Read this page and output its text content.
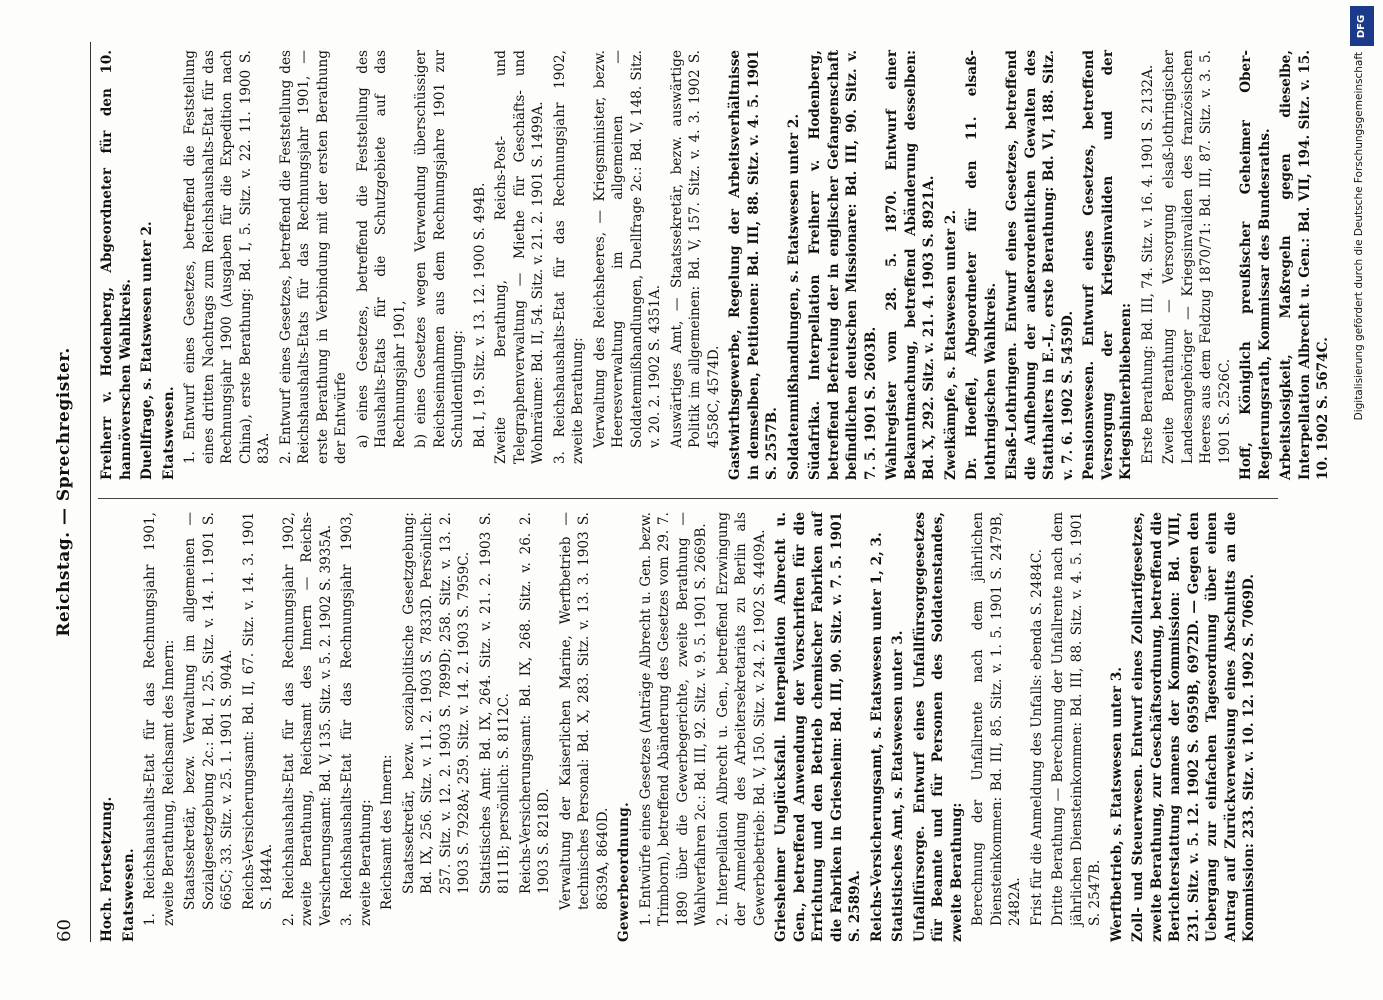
60
Reichstag. — Sprechregister.

Hoch. Fortsetzung. Etatswesen. 1. Reichshaushalts-Etat für das Rechnungsjahr 1901, zweite Berathung, Reichsamt des Innern: Staatssekretär, bezw. Verwaltung im allgemeinen — Sozialgesetzgebung 2c.: Bd. I, 25. Sitz. v. 14. 1. 1901 S. 665C; 33. Sitz. v. 25. 1. 1901 S. 904A. Reichs-Versicherungsamt: Bd. II, 67. Sitz. v. 14. 3. 1901 S. 1844A. 2. Reichshaushalts-Etat für das Rechnungsjahr 1902, zweite Berathung, Reichsamt des Innern — Reichs-Versicherungsamt: Bd. V, 135. Sitz. v. 5. 2. 1902 S. 3935A. 3. Reichshaushalts-Etat für das Rechnungsjahr 1903, zweite Berathung: Reichsamt des Innern: Staatssekretär, bezw. sozialpolitische Gesetzgebung: Bd. IX, 256. Sitz. v. 11. 2. 1903 S. 7833D. Persönlich: 257. Sitz. v. 12. 2. 1903 S. 7899D; 258. Sitz. v. 13. 2. 1903 S. 7928A; 259. Sitz. v. 14. 2. 1903 S. 7959C. Statistisches Amt: Bd. IX, 264. Sitz. v. 21. 2. 1903 S. 8111B; persönlich: S. 8112C. Reichs-Versicherungsamt: Bd. IX, 268. Sitz. v. 26. 2. 1903 S. 8218D. Verwaltung der Kaiserlichen Marine, Werftbetrieb — technisches Personal: Bd. X, 283. Sitz. v. 13. 3. 1903 S. 8639A, 8640D. Gewerbeordnung. 1. Entwürfe eines Gesetzes (Anträge Albrecht u. Gen. bezw. Trimborn), betreffend Abänderung des Gesetzes vom 29. 7. 1890 über die Gewerbegerichte, zweite Berathung — Wahlverfahren 2c.: Bd. III, 92. Sitz. v. 9. 5. 1901 S. 2669B. 2. Interpellation Albrecht u. Gen., betreffend Erzwingung der Anmeldung des Arbeitersekretariats zu Berlin als Gewerbebetrieb: Bd. V, 150. Sitz. v. 24. 2. 1902 S. 4409A. Griesheimer Unglücksfall. Interpellation Albrecht u. Gen., betreffend Anwendung der Vorschriften für die Errichtung und den Betrieb chemischer Fabriken auf die Fabriken in Griesheim: Bd. III, 90. Sitz. v. 7. 5. 1901 S. 2589A. Reichs-Versicherungsamt, s. Etatswesen unter 1, 2, 3. Statistisches Amt, s. Etatswesen unter 3. Unfallfürsorge. Entwurf eines Unfallfürsorgegesetzes für Beamte und für Personen des Soldatenstandes, zweite Berathung: Berechnung der Unfallrente nach dem jährlichen Diensteinkommen: Bd. III, 85. Sitz. v. 1. 5. 1901 S. 2479B, 2482A. Frist für die Anmeldung des Unfalls: ebenda S. 2484C. Dritte Berathung — Berechnung der Unfallrente nach dem jährlichen Diensteinkommen: Bd. III, 88. Sitz. v. 4. 5. 1901 S. 2547B. Werftbetrieb, s. Etatswesen unter 3. Zoll- und Steuerwesen. Entwurf eines Zolltarifgesetzes, zweite Berathung, zur Geschäftsordnung, betreffend die Berichterstattung namens der Kommission: Bd. VIII, 231. Sitz. v. 5. 12. 1902 S. 6959B, 6972D. — Gegen den Uebergang zur einfachen Tagesordnung über einen Antrag auf Zurückverweisung eines Abschnitts an die Kommission: 233. Sitz. v. 10. 12. 1902 S. 7069D.

Freiherr v. Hodenberg, Abgeordneter für den 10. hannöverschen Wahlkreis. Duellfrage, s. Etatswesen unter 2. Etatswesen. 1. Entwurf eines Gesetzes, betreffend die Feststellung eines dritten Nachtrags zum Reichshaushalts-Etat für das Rechnungsjahr 1900 (Ausgaben für die Expedition nach China), erste Berathung: Bd. I, 5. Sitz. v. 22. 11. 1900 S. 83A. 2. Entwurf eines Gesetzes, betreffend die Feststellung des Reichshaushalts-Etats für das Rechnungsjahr 1901, — erste Berathung in Verbindung mit der ersten Berathung der Entwürfe a) eines Gesetzes, betreffend die Feststellung des Haushalts-Etats für die Schutzgebiete auf das Rechnungsjahr 1901, b) eines Gesetzes wegen Verwendung überschüssiger Reichseinnahmen aus dem Rechnungsjahre 1901 zur Schuldentilgung: Bd. I, 19. Sitz. v. 13. 12. 1900 S. 494B. Zweite Berathung, Reichs-Post- und Telegraphenverwaltung — Miethe für Geschäfts- und Wohnräume: Bd. II, 54. Sitz. v. 21. 2. 1901 S. 1499A. 3. Reichshaushalts-Etat für das Rechnungsjahr 1902, zweite Berathung: Verwaltung des Reichsheeres, — Kriegsminister, bezw. Heeresverwaltung im allgemeinen — Soldatenmißhandlungen, Duellfrage 2c.: Bd. V, 148. Sitz. v. 20. 2. 1902 S. 4351A. Auswärtiges Amt, — Staatssekretär, bezw. auswärtige Politik im allgemeinen: Bd. V, 157. Sitz. v. 4. 3. 1902 S. 4558C, 4574D. Gastwirthsgewerbe, Regelung der Arbeitsverhältnisse in demselben, Petitionen: Bd. III, 88. Sitz. v. 4. 5. 1901 S. 2557B. Soldatenmißhandlungen, s. Etatswesen unter 2. Südafrika. Interpellation Freiherr v. Hodenberg, betreffend Befreiung der in englischer Gefangenschaft befindlichen deutschen Missionare: Bd. III, 90. Sitz. v. 7. 5. 1901 S. 2603B. Wahlregister vom 28. 5. 1870. Entwurf einer Bekanntmachung, betreffend Abänderung desselben: Bd. X, 292. Sitz. v. 21. 4. 1903 S. 8921A. Zweikämpfe, s. Etatswesen unter 2. Dr. Hoeffel, Abgeordneter für den 11. elsaß-lothringischen Wahlkreis. Elsaß-Lothringen. Entwurf eines Gesetzes, betreffend die Aufhebung der außerordentlichen Gewalten des Statthalters in E.-L., erste Berathung: Bd. VI, 188. Sitz. v. 7. 6. 1902 S. 5459D. Pensionswesen. Entwurf eines Gesetzes, betreffend Versorgung der Kriegsinvaliden und der Kriegshinterbliebenen: Erste Berathung: Bd. III, 74. Sitz. v. 16. 4. 1901 S. 2132A. Zweite Berathung — Versorgung elsaß-lothringischer Landesangehöriger — Kriegsinvaliden des französischen Heeres aus dem Feldzug 1870/71: Bd. III, 87. Sitz. v. 3. 5. 1901 S. 2526C. Hoff, Königlich preußischer Geheimer Ober-Regierungsrath, Kommissar des Bundesraths. Arbeitslosigkeit, Maßregeln gegen dieselbe, Interpellation Albrecht u. Gen.: Bd. VII, 194. Sitz. v. 15. 10. 1902 S. 5674C.

DFG
Digitalisierung gefördert durch die Deutsche Forschungsgemeinschaft
